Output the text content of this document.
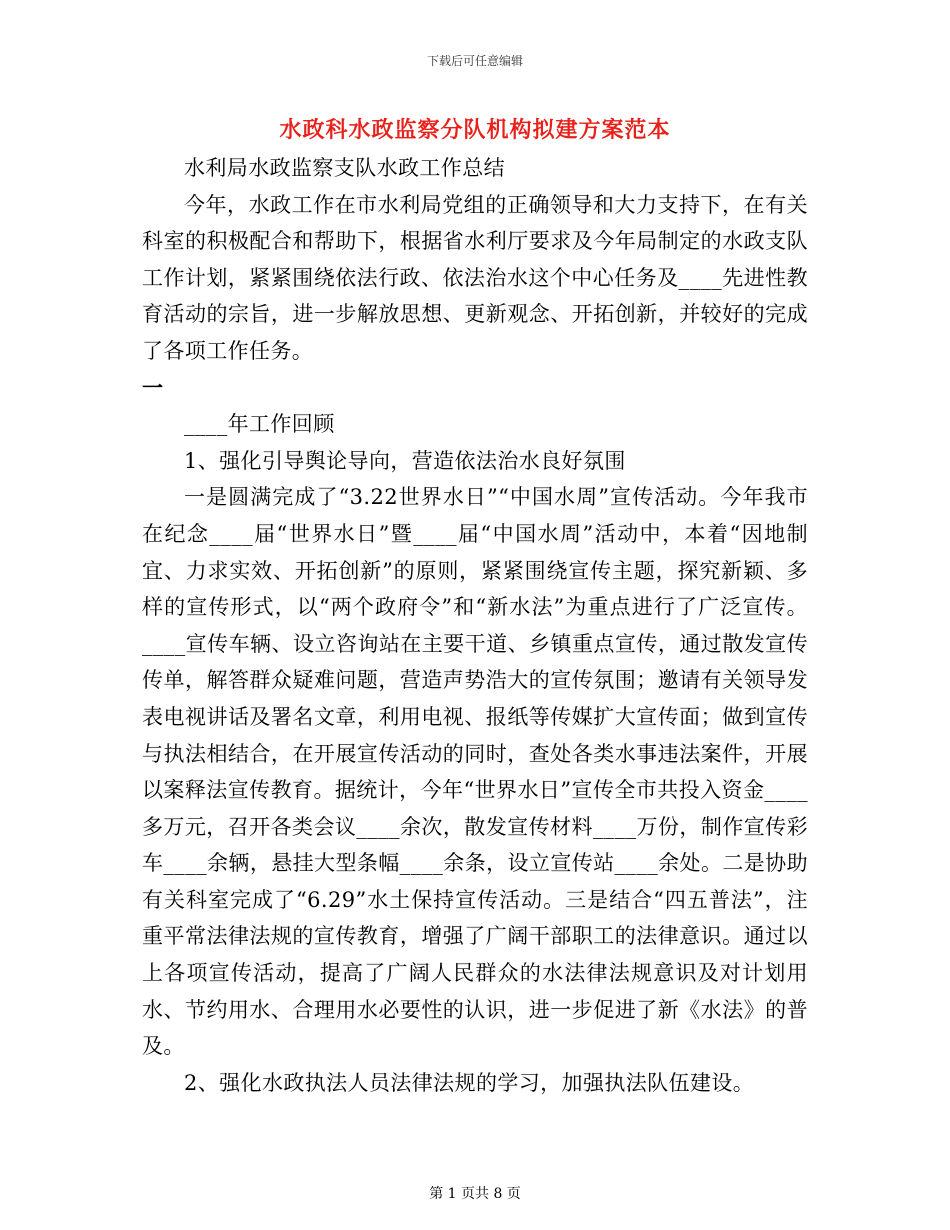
下载后可任意编辑
水政科水政监察分队机构拟建方案范本

水利局水政监察支队水政工作总结

今年，水政工作在市水利局党组的正确领导和大力支持下，在有关科室的积极配合和帮助下，根据省水利厅要求及今年局制定的水政支队工作计划，紧紧围绕依法行政、依法治水这个中心任务及____先进性教育活动的宗旨，进一步解放思想、更新观念、开拓创新，并较好的完成了各项工作任务。

一

____年工作回顾

1、强化引导舆论导向，营造依法治水良好氛围

一是圆满完成了“3.22世界水日”“中国水周”宣传活动。今年我市在纪念____届“世界水日”暨____届“中国水周”活动中，本着“因地制宜、力求实效、开拓创新”的原则，紧紧围绕宣传主题，探究新颖、多样的宣传形式，以“两个政府令”和“新水法”为重点进行了广泛宣传。____宣传车辆、设立咨询站在主要干道、乡镇重点宣传，通过散发宣传传单，解答群众疑难问题，营造声势浩大的宣传氛围；邀请有关领导发表电视讲话及署名文章，利用电视、报纸等传媒扩大宣传面；做到宣传与执法相结合，在开展宣传活动的同时，查处各类水事违法案件，开展以案释法宣传教育。据统计，今年“世界水日”宣传全市共投入资金____多万元，召开各类会议____余次，散发宣传材料____万份，制作宣传彩车____余辆，悬挂大型条幅____余条，设立宣传站____余处。二是协助有关科室完成了“6.29”水土保持宣传活动。三是结合“四五普法”，注重平常法律法规的宣传教育，增强了广阔干部职工的法律意识。通过以上各项宣传活动，提高了广阔人民群众的水法律法规意识及对计划用水、节约用水、合理用水必要性的认识，进一步促进了新《水法》的普及。

2、强化水政执法人员法律法规的学习，加强执法队伍建设。

第 1 页共 8 页
